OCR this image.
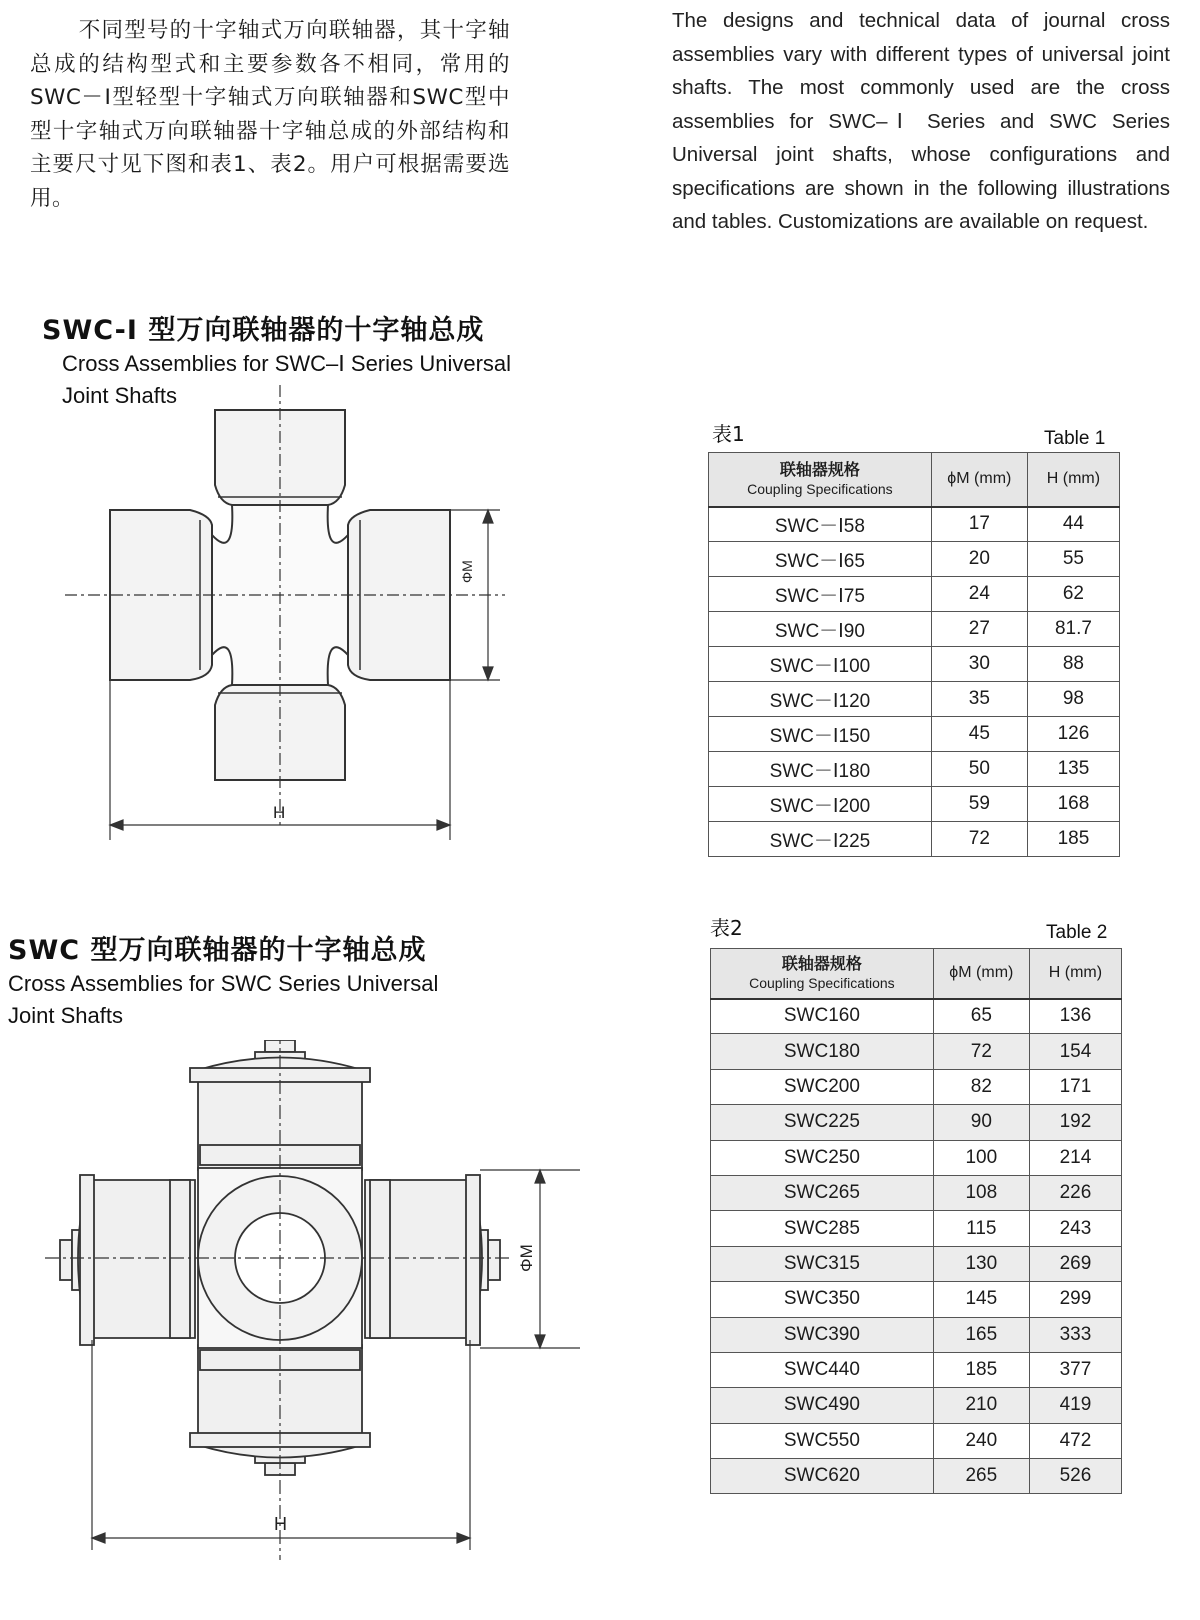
不同型号的十字轴式万向联轴器，其十字轴总成的结构型式和主要参数各不相同，常用的SWC－Ⅰ型轻型十字轴式万向联轴器和SWC型中型十字轴式万向联轴器十字轴总成的外部结构和主要尺寸见下图和表1、表2。用户可根据需要选用。

The designs and technical data of journal cross assemblies vary with different types of universal joint shafts. The most commonly used are the cross assemblies for SWC–Ⅰ Series and SWC Series Universal joint shafts, whose configurations and specifications are shown in the following illustrations and tables. Customizations are available on request.

SWC-I 型万向联轴器的十字轴总成
Cross Assemblies for SWC–Ⅰ Series Universal
Joint Shafts
ΦM
H
表1	Table 1
联轴器规格
Coupling Specifications	ϕM (mm)	H (mm)
SWC－Ⅰ58	17	44
SWC－Ⅰ65	20	55
SWC－Ⅰ75	24	62
SWC－Ⅰ90	27	81.7
SWC－Ⅰ100	30	88
SWC－Ⅰ120	35	98
SWC－Ⅰ150	45	126
SWC－Ⅰ180	50	135
SWC－Ⅰ200	59	168
SWC－Ⅰ225	72	185
SWC 型万向联轴器的十字轴总成
Cross Assemblies for SWC Series Universal
Joint Shafts
ΦM
H
表2	Table 2
联轴器规格
Coupling Specifications	ϕM (mm)	H (mm)
SWC160	65	136
SWC180	72	154
SWC200	82	171
SWC225	90	192
SWC250	100	214
SWC265	108	226
SWC285	115	243
SWC315	130	269
SWC350	145	299
SWC390	165	333
SWC440	185	377
SWC490	210	419
SWC550	240	472
SWC620	265	526
